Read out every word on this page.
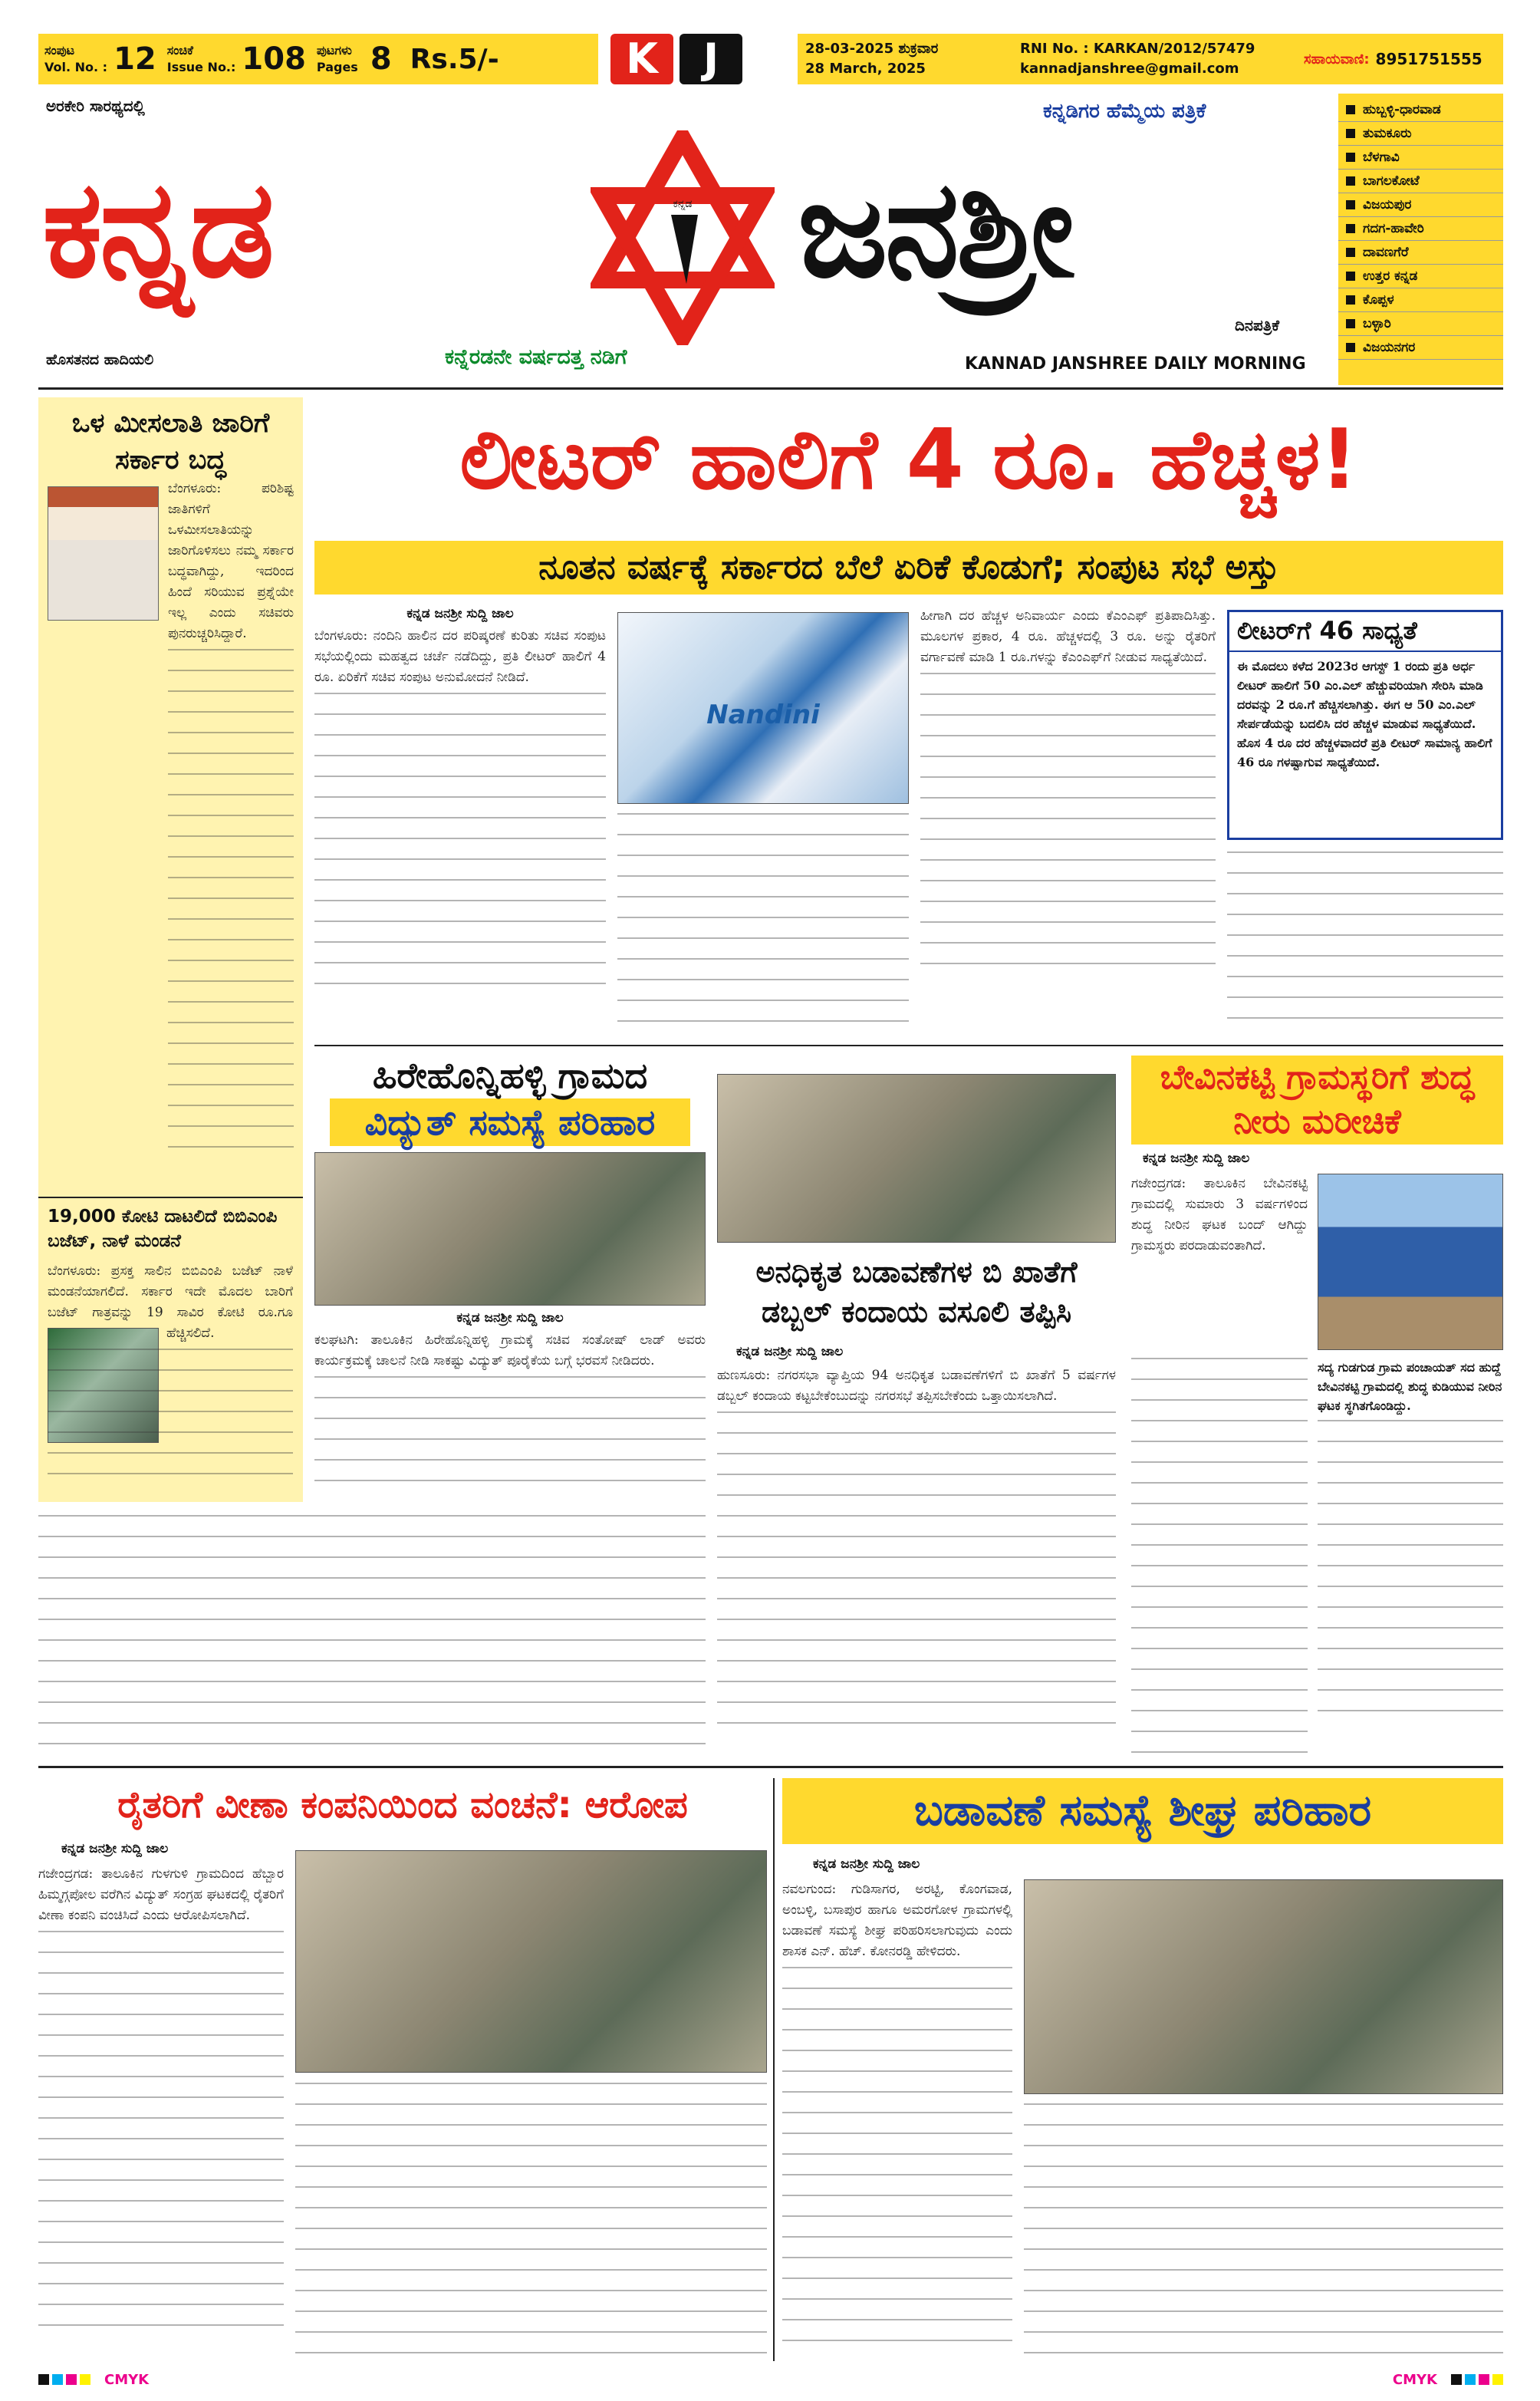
ಸಂಪುಟ
Vol. No. : 12 ಸಂಚಿಕೆ
Issue No.: 108 ಪುಟಗಳು
Pages 8 Rs.5/-	K	J	28-03-2025 ಶುಕ್ರವಾರ
28 March, 2025
RNI No. : KARKAN/2012/57479
kannadjanshree@gmail.com
ಸಹಾಯವಾಣಿ: 8951751555
ಅರಕೇರಿ ಸಾರಥ್ಯದಲ್ಲಿ
ಕನ್ನಡ	ಕನ್ನಡ
ಕನ್ನಡಿಗರ ಹೆಮ್ಮೆಯ ಪತ್ರಿಕೆ
ಜನಶ್ರೀ
ದಿನಪತ್ರಿಕೆ
ಹೊಸತನದ ಹಾದಿಯಲಿ	ಕನ್ನೆರಡನೇ ವರ್ಷದತ್ತ ನಡಿಗೆ	KANNAD JANSHREE DAILY MORNING
ಹುಬ್ಬಳ್ಳಿ-ಧಾರವಾಡ
ತುಮಕೂರು
ಬೆಳಗಾವಿ
ಬಾಗಲಕೋಟೆ
ವಿಜಯಪುರ
ಗದಗ-ಹಾವೇರಿ
ದಾವಣಗೆರೆ
ಉತ್ತರ ಕನ್ನಡ
ಕೊಪ್ಪಳ
ಬಳ್ಳಾರಿ
ವಿಜಯನಗರ
ಒಳ ಮೀಸಲಾತಿ ಜಾರಿಗೆ ಸರ್ಕಾರ ಬದ್ಧ
ಬೆಂಗಳೂರು: ಪರಿಶಿಷ್ಟ ಜಾತಿಗಳಿಗೆ ಒಳಮೀಸಲಾತಿಯನ್ನು ಜಾರಿಗೊಳಿಸಲು ನಮ್ಮ ಸರ್ಕಾರ ಬದ್ಧವಾಗಿದ್ದು, ಇದರಿಂದ ಹಿಂದೆ ಸರಿಯುವ ಪ್ರಶ್ನೆಯೇ ಇಲ್ಲ ಎಂದು ಸಚಿವರು ಪುನರುಚ್ಚರಿಸಿದ್ದಾರೆ.
19,000 ಕೋಟಿ ದಾಟಲಿದೆ ಬಿಬಿಎಂಪಿ ಬಜೆಟ್, ನಾಳೆ ಮಂಡನೆ
ಬೆಂಗಳೂರು: ಪ್ರಸಕ್ತ ಸಾಲಿನ ಬಿಬಿಎಂಪಿ ಬಜೆಟ್ ನಾಳೆ ಮಂಡನೆಯಾಗಲಿದೆ. ಸರ್ಕಾರ ಇದೇ ಮೊದಲ ಬಾರಿಗೆ ಬಜೆಟ್ ಗಾತ್ರವನ್ನು 19 ಸಾವಿರ ಕೋಟಿ ರೂ.ಗೂ ಹೆಚ್ಚಿಸಲಿದೆ.
ಲೀಟರ್ ಹಾಲಿಗೆ 4 ರೂ. ಹೆಚ್ಚಳ!
ನೂತನ ವರ್ಷಕ್ಕೆ ಸರ್ಕಾರದ ಬೆಲೆ ಏರಿಕೆ ಕೊಡುಗೆ; ಸಂಪುಟ ಸಭೆ ಅಸ್ತು
ಕನ್ನಡ ಜನಶ್ರೀ ಸುದ್ದಿ ಜಾಲ
ಬೆಂಗಳೂರು: ನಂದಿನಿ ಹಾಲಿನ ದರ ಪರಿಷ್ಕರಣೆ ಕುರಿತು ಸಚಿವ ಸಂಪುಟ ಸಭೆಯಲ್ಲಿಂದು ಮಹತ್ವದ ಚರ್ಚೆ ನಡೆದಿದ್ದು, ಪ್ರತಿ ಲೀಟರ್ ಹಾಲಿಗೆ 4 ರೂ. ಏರಿಕೆಗೆ ಸಚಿವ ಸಂಪುಟ ಅನುಮೋದನೆ ನೀಡಿದೆ.
Nandini
ಹೀಗಾಗಿ ದರ ಹೆಚ್ಚಳ ಅನಿವಾರ್ಯ ಎಂದು ಕೆಎಂಎಫ್ ಪ್ರತಿಪಾದಿಸಿತ್ತು. ಮೂಲಗಳ ಪ್ರಕಾರ, 4 ರೂ. ಹೆಚ್ಚಳದಲ್ಲಿ 3 ರೂ. ಅನ್ನು ರೈತರಿಗೆ ವರ್ಗಾವಣೆ ಮಾಡಿ 1 ರೂ.ಗಳನ್ನು ಕೆಎಂಎಫ್‌ಗೆ ನೀಡುವ ಸಾಧ್ಯತೆಯಿದೆ.
ಲೀಟರ್‌ಗೆ 46 ಸಾಧ್ಯತೆ
ಈ ಮೊದಲು ಕಳೆದ 2023ರ ಆಗಸ್ಟ್ 1 ರಂದು ಪ್ರತಿ ಅರ್ಧ ಲೀಟರ್ ಹಾಲಿಗೆ 50 ಎಂ.ಎಲ್ ಹೆಚ್ಚುವರಿಯಾಗಿ ಸೇರಿಸಿ ಮಾಡಿ ದರವನ್ನು 2 ರೂ.ಗೆ ಹೆಚ್ಚಿಸಲಾಗಿತ್ತು. ಈಗ ಆ 50 ಎಂ.ಎಲ್ ಸೇರ್ಪಡೆಯನ್ನು ಬದಲಿಸಿ ದರ ಹೆಚ್ಚಳ ಮಾಡುವ ಸಾಧ್ಯತೆಯಿದೆ. ಹೊಸ 4 ರೂ ದರ ಹೆಚ್ಚಳವಾದರೆ ಪ್ರತಿ ಲೀಟರ್ ಸಾಮಾನ್ಯ ಹಾಲಿಗೆ 46 ರೂ ಗಳಷ್ಟಾಗುವ ಸಾಧ್ಯತೆಯಿದೆ.
ಹಿರೇಹೊನ್ನಿಹಳ್ಳಿ ಗ್ರಾಮದ
ವಿದ್ಯುತ್ ಸಮಸ್ಯೆ ಪರಿಹಾರ
ಕನ್ನಡ ಜನಶ್ರೀ ಸುದ್ದಿ ಜಾಲ
ಕಲಘಟಗಿ: ತಾಲೂಕಿನ ಹಿರೇಹೊನ್ನಿಹಳ್ಳಿ ಗ್ರಾಮಕ್ಕೆ ಸಚಿವ ಸಂತೋಷ್ ಲಾಡ್ ಅವರು ಕಾರ್ಯಕ್ರಮಕ್ಕೆ ಚಾಲನೆ ನೀಡಿ ಸಾಕಷ್ಟು ವಿದ್ಯುತ್ ಪೂರೈಕೆಯ ಬಗ್ಗೆ ಭರವಸೆ ನೀಡಿದರು.
ಅನಧಿಕೃತ ಬಡಾವಣೆಗಳ ಬಿ ಖಾತೆಗೆ ಡಬ್ಬಲ್ ಕಂದಾಯ ವಸೂಲಿ ತಪ್ಪಿಸಿ
ಕನ್ನಡ ಜನಶ್ರೀ ಸುದ್ದಿ ಜಾಲ
ಹುಣಸೂರು: ನಗರಸಭಾ ವ್ಯಾಪ್ತಿಯ 94 ಅನಧಿಕೃತ ಬಡಾವಣೆಗಳಿಗೆ ಬಿ ಖಾತೆಗೆ 5 ವರ್ಷಗಳ ಡಬ್ಬಲ್ ಕಂದಾಯ ಕಟ್ಟಬೇಕೆಂಬುದನ್ನು ನಗರಸಭೆ ತಪ್ಪಿಸಬೇಕೆಂದು ಒತ್ತಾಯಿಸಲಾಗಿದೆ.
ಬೇವಿನಕಟ್ಟಿ ಗ್ರಾಮಸ್ಥರಿಗೆ ಶುದ್ಧ ನೀರು ಮರೀಚಿಕೆ
ಕನ್ನಡ ಜನಶ್ರೀ ಸುದ್ದಿ ಜಾಲ
ಗಜೇಂದ್ರಗಡ: ತಾಲೂಕಿನ ಬೇವಿನಕಟ್ಟಿ ಗ್ರಾಮದಲ್ಲಿ ಸುಮಾರು 3 ವರ್ಷಗಳಿಂದ ಶುದ್ಧ ನೀರಿನ ಘಟಕ ಬಂದ್ ಆಗಿದ್ದು ಗ್ರಾಮಸ್ಥರು ಪರದಾಡುವಂತಾಗಿದೆ.
ಸದ್ಯ ಗುಡಗುಡ ಗ್ರಾಮ ಪಂಚಾಯತ್ ಸದ ಹುದ್ದೆ ಬೇವಿನಕಟ್ಟಿ ಗ್ರಾಮದಲ್ಲಿ ಶುದ್ಧ ಕುಡಿಯುವ ನೀರಿನ ಘಟಕ ಸ್ಥಗಿತಗೊಂಡಿದ್ದು.
ರೈತರಿಗೆ ವೀಣಾ ಕಂಪನಿಯಿಂದ ವಂಚನೆ: ಆರೋಪ
ಕನ್ನಡ ಜನಶ್ರೀ ಸುದ್ದಿ ಜಾಲ
ಗಜೇಂದ್ರಗಡ: ತಾಲೂಕಿನ ಗುಳಗುಳಿ ಗ್ರಾಮದಿಂದ ಹೆಬ್ಬಾರ ಹಿಮ್ಮಗ್ಗಪೋಲ ವರೆಗಿನ ವಿದ್ಯುತ್ ಸಂಗ್ರಹ ಘಟಕದಲ್ಲಿ ರೈತರಿಗೆ ವೀಣಾ ಕಂಪನಿ ವಂಚಿಸಿದೆ ಎಂದು ಆರೋಪಿಸಲಾಗಿದೆ.
ಬಡಾವಣೆ ಸಮಸ್ಯೆ ಶೀಘ್ರ ಪರಿಹಾರ
ಕನ್ನಡ ಜನಶ್ರೀ ಸುದ್ದಿ ಜಾಲ
ನವಲಗುಂದ: ಗುಡಿಸಾಗರ, ಅರಟ್ಟಿ, ಕೊಂಗವಾಡ, ಅಂಬಳ್ಳಿ, ಬಸಾಪುರ ಹಾಗೂ ಅಮರಗೋಳ ಗ್ರಾಮಗಳಲ್ಲಿ ಬಡಾವಣೆ ಸಮಸ್ಯೆ ಶೀಘ್ರ ಪರಿಹರಿಸಲಾಗುವುದು ಎಂದು ಶಾಸಕ ಎನ್. ಹೆಚ್. ಕೋನರಡ್ಡಿ ಹೇಳಿದರು.
CMYK	CMYK
